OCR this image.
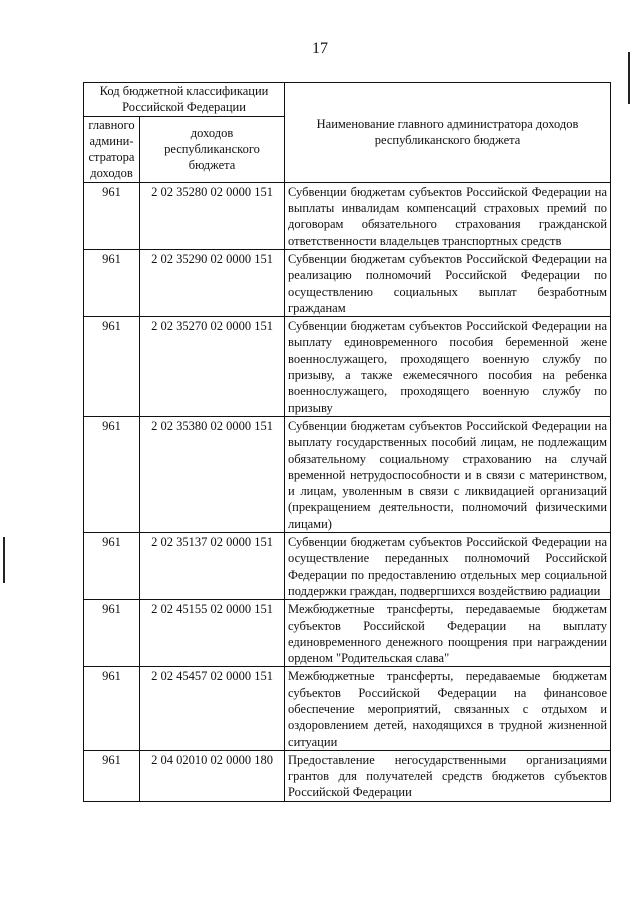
17
Код бюджетной классификации Российской Федерации		Наименование главного администратора доходов республиканского бюджета
главного админи-стратора доходов	доходов республиканского бюджета	
961	2 02 35280 02 0000 151	Субвенции бюджетам субъектов Российской Федерации на выплаты инвалидам компенсаций страховых премий по договорам обязательного страхования гражданской ответственности владельцев транспортных средств
961	2 02 35290 02 0000 151	Субвенции бюджетам субъектов Российской Федерации на реализацию полномочий Российской Федерации по осуществлению социальных выплат безработным гражданам
961	2 02 35270 02 0000 151	Субвенции бюджетам субъектов Российской Федерации на выплату единовременного пособия беременной жене военнослужащего, проходящего военную службу по призыву, а также ежемесячного пособия на ребенка военнослужащего, проходящего военную службу по призыву
961	2 02 35380 02 0000 151	Субвенции бюджетам субъектов Российской Федерации на выплату государственных пособий лицам, не подлежащим обязательному социальному страхованию на случай временной нетрудоспособности и в связи с материнством, и лицам, уволенным в связи с ликвидацией организаций (прекращением деятельности, полномочий физическими лицами)
961	2 02 35137 02 0000 151	Субвенции бюджетам субъектов Российской Федерации на осуществление переданных полномочий Российской Федерации по предоставлению отдельных мер социальной поддержки граждан, подвергшихся воздействию радиации
961	2 02 45155 02 0000 151	Межбюджетные трансферты, передаваемые бюджетам субъектов Российской Федерации на выплату единовременного денежного поощрения при награждении орденом "Родительская слава"
961	2 02 45457 02 0000 151	Межбюджетные трансферты, передаваемые бюджетам субъектов Российской Федерации на финансовое обеспечение мероприятий, связанных с отдыхом и оздоровлением детей, находящихся в трудной жизненной ситуации
961	2 04 02010 02 0000 180	Предоставление негосударственными организациями грантов для получателей средств бюджетов субъектов Российской Федерации
